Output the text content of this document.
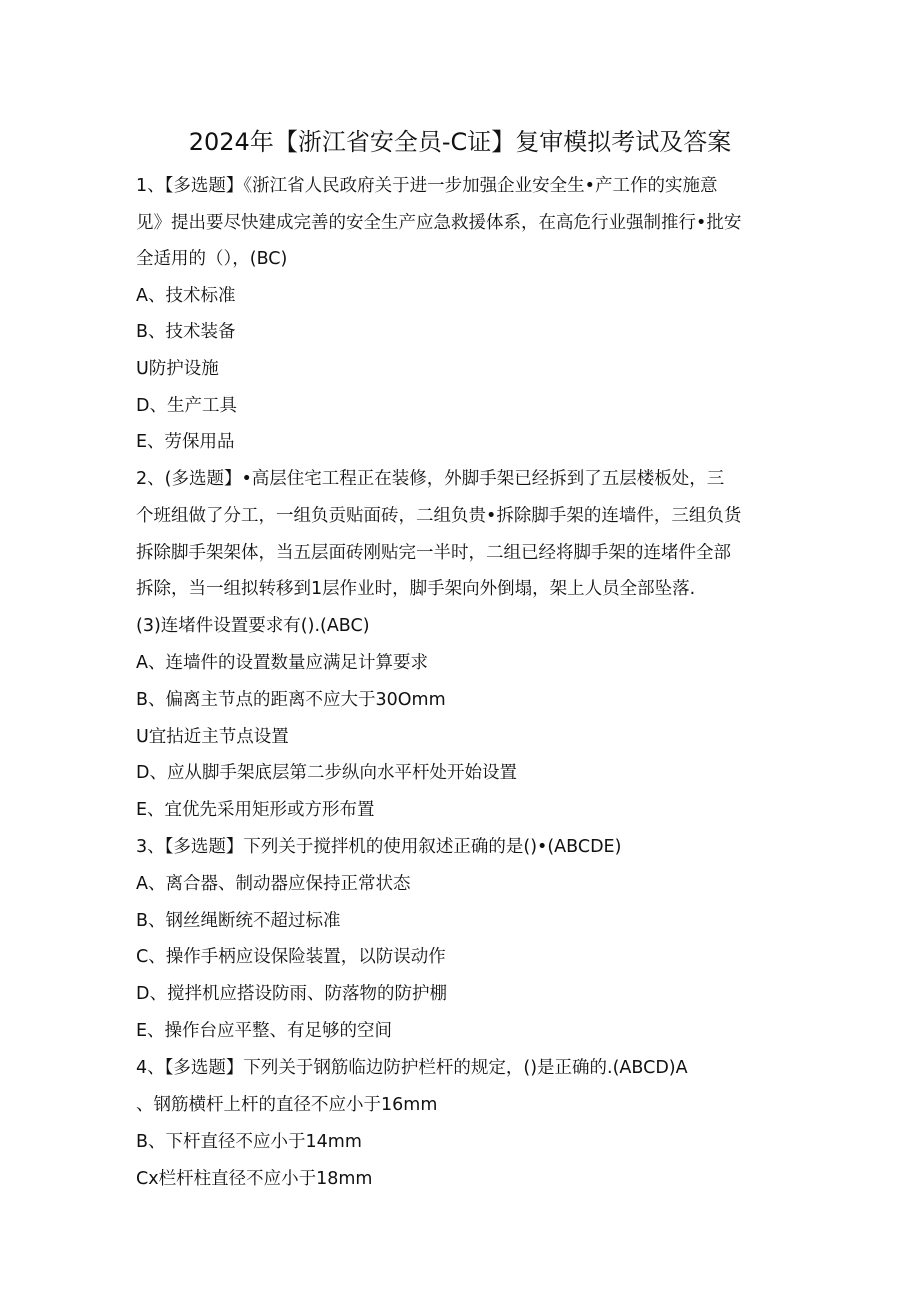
2024年【浙江省安全员-C证】复审模拟考试及答案
1、【多选题】《浙江省人民政府关于进一步加强企业安全生•产工作的实施意
见》提出要尽快建成完善的安全生产应急救援体系，在高危行业强制推行•批安
全适用的（），(BC)
A、技术标准
B、技术装备
U防护设施
D、生产工具
E、劳保用品
2、(多选题】•高层住宅工程正在装修，外脚手架已经拆到了五层楼板处，三
个班组做了分工，一组负贡贴面砖，二组负贵•拆除脚手架的连墙件，三组负货
拆除脚手架架体，当五层面砖刚贴完一半时，二组已经将脚手架的连堵件全部
拆除，当一组拟转移到1层作业时，脚手架向外倒塌，架上人员全部坠落.
(3)连堵件设置要求有().(ABC)
A、连墙件的设置数量应满足计算要求
B、偏离主节点的距离不应大于30Omm
U宜拈近主节点设置
D、应从脚手架底层第二步纵向水平杆处开始设置
E、宜优先采用矩形或方形布置
3、【多选题】下列关于搅拌机的使用叙述正确的是()•(ABCDE)
A、离合器、制动器应保持正常状态
B、钢丝绳断统不超过标准
C、操作手柄应设保险装置，以防误动作
D、搅拌机应搭设防雨、防落物的防护棚
E、操作台应平整、有足够的空间
4、【多选题】下列关于钢筋临边防护栏杆的规定，()是正确的.(ABCD)A
、钢筋横杆上杆的直径不应小于16mm
B、下杆直径不应小于14mm
Cx栏杆柱直径不应小于18mm
